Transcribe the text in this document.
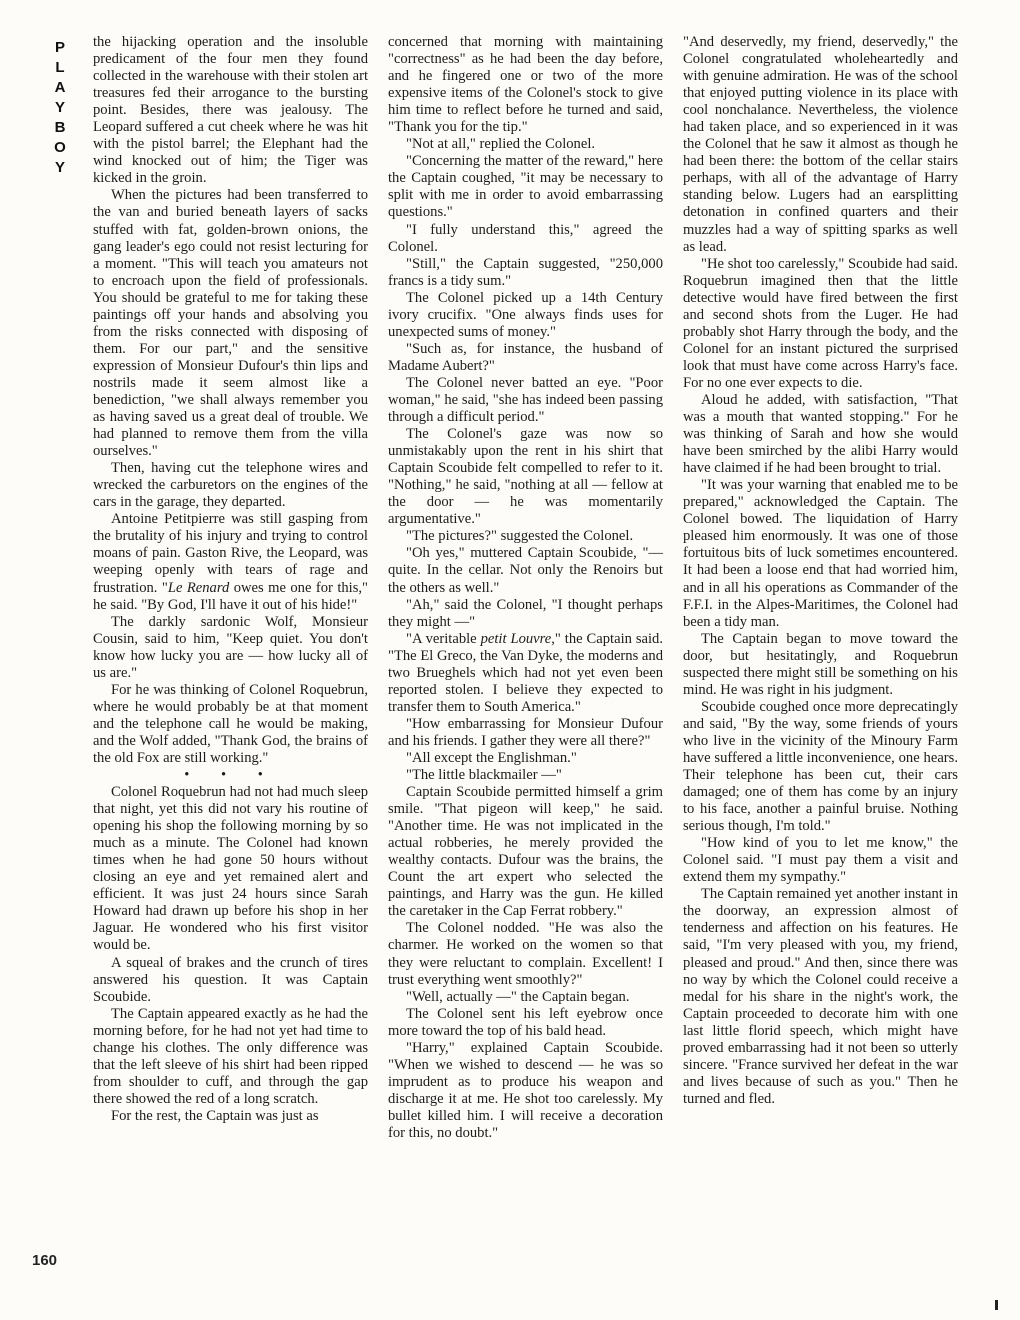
P
L
A
Y
B
O
Y
160

the hijacking operation and the insoluble predicament of the four men they found collected in the warehouse with their stolen art treasures fed their arrogance to the bursting point. Besides, there was jealousy. The Leopard suffered a cut cheek where he was hit with the pistol barrel; the Elephant had the wind knocked out of him; the Tiger was kicked in the groin.

When the pictures had been transferred to the van and buried beneath layers of sacks stuffed with fat, golden-brown onions, the gang leader's ego could not resist lecturing for a moment. "This will teach you amateurs not to encroach upon the field of professionals. You should be grateful to me for taking these paintings off your hands and absolving you from the risks connected with disposing of them. For our part," and the sensitive expression of Monsieur Dufour's thin lips and nostrils made it seem almost like a benediction, "we shall always remember you as having saved us a great deal of trouble. We had planned to remove them from the villa ourselves."

Then, having cut the telephone wires and wrecked the carburetors on the engines of the cars in the garage, they departed.

Antoine Petitpierre was still gasping from the brutality of his injury and trying to control moans of pain. Gaston Rive, the Leopard, was weeping openly with tears of rage and frustration. "Le Renard owes me one for this," he said. "By God, I'll have it out of his hide!"

The darkly sardonic Wolf, Monsieur Cousin, said to him, "Keep quiet. You don't know how lucky you are — how lucky all of us are."

For he was thinking of Colonel Roquebrun, where he would probably be at that moment and the telephone call he would be making, and the Wolf added, "Thank God, the brains of the old Fox are still working."

• • •

Colonel Roquebrun had not had much sleep that night, yet this did not vary his routine of opening his shop the following morning by so much as a minute. The Colonel had known times when he had gone 50 hours without closing an eye and yet remained alert and efficient. It was just 24 hours since Sarah Howard had drawn up before his shop in her Jaguar. He wondered who his first visitor would be.

A squeal of brakes and the crunch of tires answered his question. It was Captain Scoubide.

The Captain appeared exactly as he had the morning before, for he had not yet had time to change his clothes. The only difference was that the left sleeve of his shirt had been ripped from shoulder to cuff, and through the gap there showed the red of a long scratch.

For the rest, the Captain was just as

concerned that morning with maintaining "correctness" as he had been the day before, and he fingered one or two of the more expensive items of the Colonel's stock to give him time to reflect before he turned and said, "Thank you for the tip."

"Not at all," replied the Colonel.

"Concerning the matter of the reward," here the Captain coughed, "it may be necessary to split with me in order to avoid embarrassing questions."

"I fully understand this," agreed the Colonel.

"Still," the Captain suggested, "250,000 francs is a tidy sum."

The Colonel picked up a 14th Century ivory crucifix. "One always finds uses for unexpected sums of money."

"Such as, for instance, the husband of Madame Aubert?"

The Colonel never batted an eye. "Poor woman," he said, "she has indeed been passing through a difficult period."

The Colonel's gaze was now so unmistakably upon the rent in his shirt that Captain Scoubide felt compelled to refer to it. "Nothing," he said, "nothing at all — fellow at the door — he was momentarily argumentative."

"The pictures?" suggested the Colonel.

"Oh yes," muttered Captain Scoubide, "— quite. In the cellar. Not only the Renoirs but the others as well."

"Ah," said the Colonel, "I thought perhaps they might —"

"A veritable petit Louvre," the Captain said. "The El Greco, the Van Dyke, the moderns and two Brueghels which had not yet even been reported stolen. I believe they expected to transfer them to South America."

"How embarrassing for Monsieur Dufour and his friends. I gather they were all there?"

"All except the Englishman."

"The little blackmailer —"

Captain Scoubide permitted himself a grim smile. "That pigeon will keep," he said. "Another time. He was not implicated in the actual robberies, he merely provided the wealthy contacts. Dufour was the brains, the Count the art expert who selected the paintings, and Harry was the gun. He killed the caretaker in the Cap Ferrat robbery."

The Colonel nodded. "He was also the charmer. He worked on the women so that they were reluctant to complain. Excellent! I trust everything went smoothly?"

"Well, actually —" the Captain began.

The Colonel sent his left eyebrow once more toward the top of his bald head.

"Harry," explained Captain Scoubide. "When we wished to descend — he was so imprudent as to produce his weapon and discharge it at me. He shot too carelessly. My bullet killed him. I will receive a decoration for this, no doubt."

"And deservedly, my friend, deservedly," the Colonel congratulated wholeheartedly and with genuine admiration. He was of the school that enjoyed putting violence in its place with cool nonchalance. Nevertheless, the violence had taken place, and so experienced in it was the Colonel that he saw it almost as though he had been there: the bottom of the cellar stairs perhaps, with all of the advantage of Harry standing below. Lugers had an earsplitting detonation in confined quarters and their muzzles had a way of spitting sparks as well as lead.

"He shot too carelessly," Scoubide had said. Roquebrun imagined then that the little detective would have fired between the first and second shots from the Luger. He had probably shot Harry through the body, and the Colonel for an instant pictured the surprised look that must have come across Harry's face. For no one ever expects to die.

Aloud he added, with satisfaction, "That was a mouth that wanted stopping." For he was thinking of Sarah and how she would have been smirched by the alibi Harry would have claimed if he had been brought to trial.

"It was your warning that enabled me to be prepared," acknowledged the Captain. The Colonel bowed. The liquidation of Harry pleased him enormously. It was one of those fortuitous bits of luck sometimes encountered. It had been a loose end that had worried him, and in all his operations as Commander of the F.F.I. in the Alpes-Maritimes, the Colonel had been a tidy man.

The Captain began to move toward the door, but hesitatingly, and Roquebrun suspected there might still be something on his mind. He was right in his judgment.

Scoubide coughed once more deprecatingly and said, "By the way, some friends of yours who live in the vicinity of the Minoury Farm have suffered a little inconvenience, one hears. Their telephone has been cut, their cars damaged; one of them has come by an injury to his face, another a painful bruise. Nothing serious though, I'm told."

"How kind of you to let me know," the Colonel said. "I must pay them a visit and extend them my sympathy."

The Captain remained yet another instant in the doorway, an expression almost of tenderness and affection on his features. He said, "I'm very pleased with you, my friend, pleased and proud." And then, since there was no way by which the Colonel could receive a medal for his share in the night's work, the Captain proceeded to decorate him with one last little florid speech, which might have proved embarrassing had it not been so utterly sincere. "France survived her defeat in the war and lives because of such as you." Then he turned and fled.
